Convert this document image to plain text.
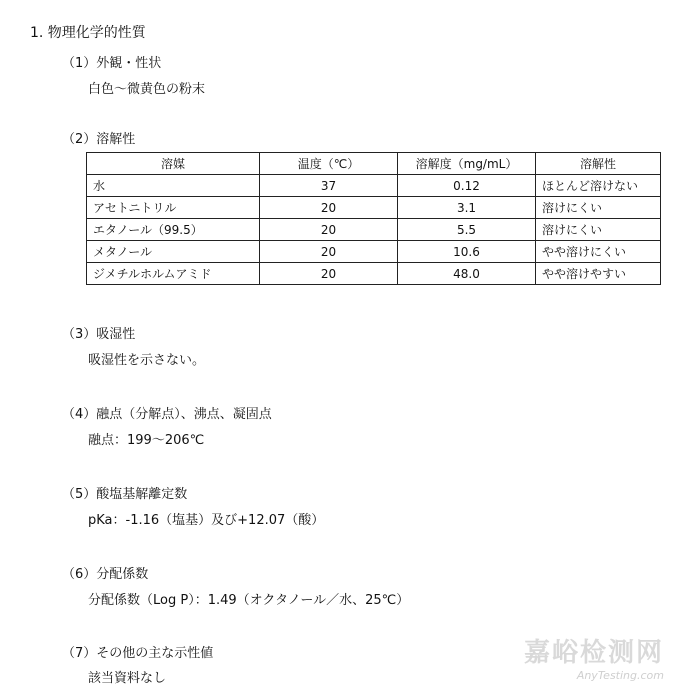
1. 物理化学的性質
（1）外観・性状
白色～微黄色の粉末
（2）溶解性
溶媒	温度（℃）	溶解度（mg/mL）	溶解性
水	37	0.12	ほとんど溶けない
アセトニトリル	20	3.1	溶けにくい
エタノール（99.5）	20	5.5	溶けにくい
メタノール	20	10.6	やや溶けにくい
ジメチルホルムアミド	20	48.0	やや溶けやすい
（3）吸湿性
吸湿性を示さない。
（4）融点（分解点）、沸点、凝固点
融点：199～206℃
（5）酸塩基解離定数
pKa：-1.16（塩基）及び+12.07（酸）
（6）分配係数
分配係数（Log P）：1.49（オクタノール／水、25℃）
（7）その他の主な示性値
該当資料なし
嘉峪检测网
AnyTesting.com
